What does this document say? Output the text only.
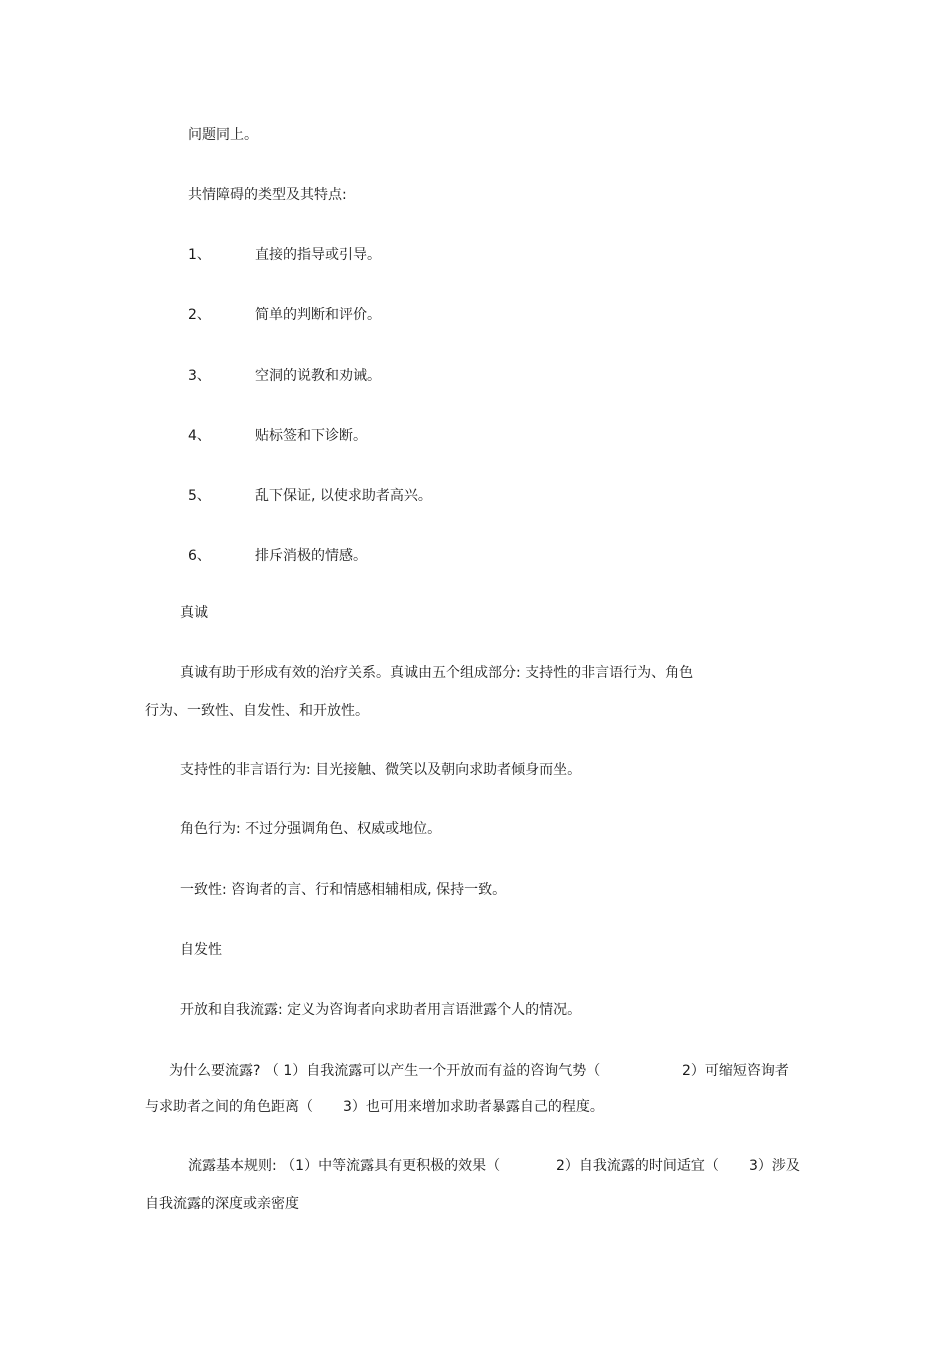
问题同上。
共情障碍的类型及其特点:
1、	直接的指导或引导。
2、	简单的判断和评价。
3、	空洞的说教和劝诫。
4、	贴标签和下诊断。
5、	乱下保证, 以使求助者高兴。
6、	排斥消极的情感。
真诚
真诚有助于形成有效的治疗关系。真诚由五个组成部分: 支持性的非言语行为、角色
行为、一致性、自发性、和开放性。
支持性的非言语行为: 目光接触、微笑以及朝向求助者倾身而坐。
角色行为: 不过分强调角色、权威或地位。
一致性: 咨询者的言、行和情感相辅相成, 保持一致。
自发性
开放和自我流露: 定义为咨询者向求助者用言语泄露个人的情况。
为什么要流露? （ 1）自我流露可以产生一个开放而有益的咨询气势（	2）可缩短咨询者
与求助者之间的角色距离（ 3）也可用来增加求助者暴露自己的程度。
流露基本规则: （1）中等流露具有更积极的效果（	2）自我流露的时间适宜（ 3）涉及
自我流露的深度或亲密度
